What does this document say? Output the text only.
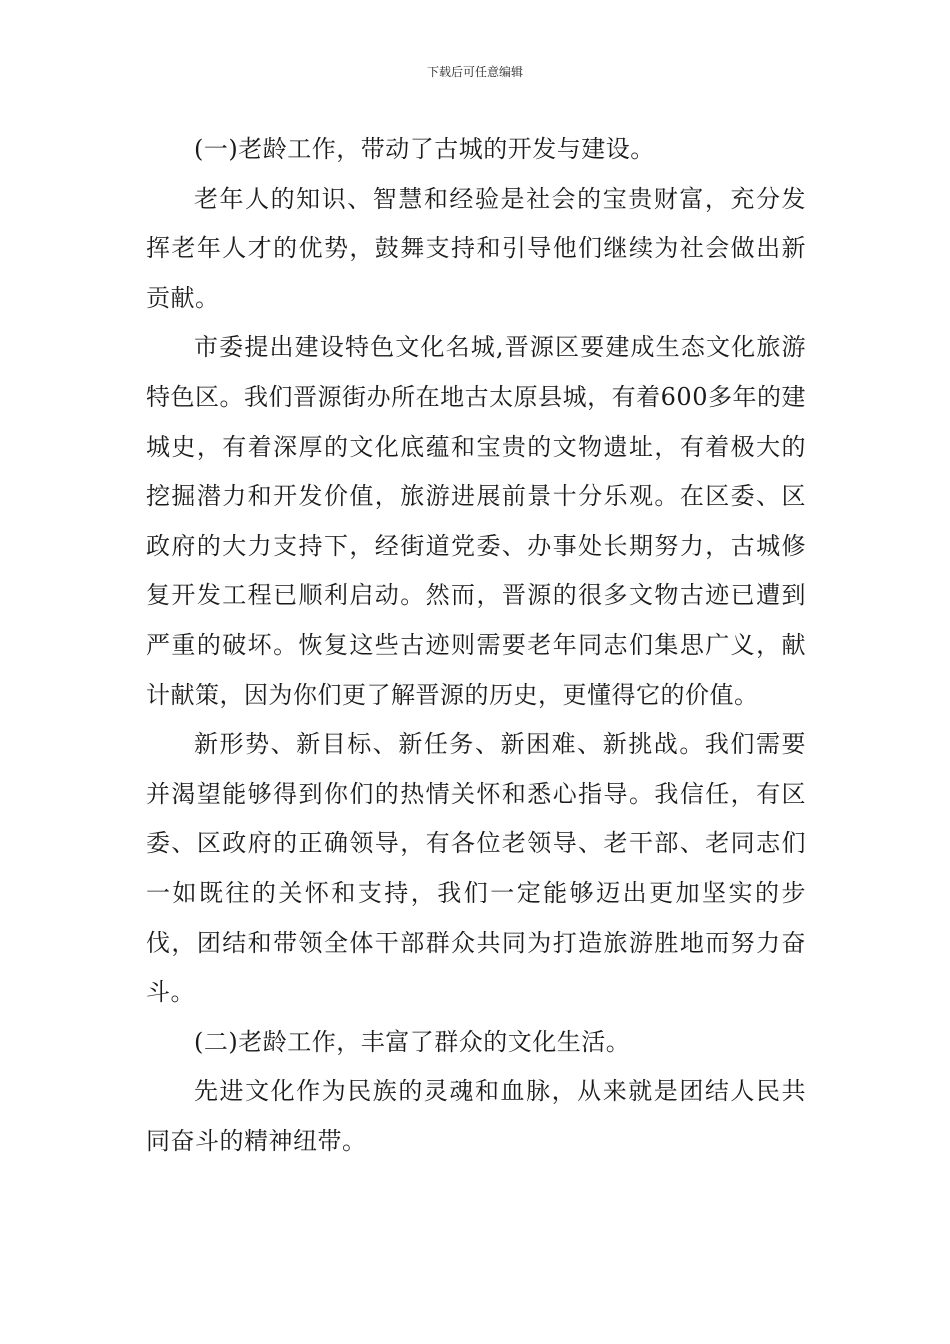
下载后可任意编辑

(一)老龄工作，带动了古城的开发与建设。

老年人的知识、智慧和经验是社会的宝贵财富，充分发挥老年人才的优势，鼓舞支持和引导他们继续为社会做出新贡献。

市委提出建设特色文化名城,晋源区要建成生态文化旅游特色区。我们晋源街办所在地古太原县城，有着600多年的建城史，有着深厚的文化底蕴和宝贵的文物遗址，有着极大的挖掘潜力和开发价值，旅游进展前景十分乐观。在区委、区政府的大力支持下，经街道党委、办事处长期努力，古城修复开发工程已顺利启动。然而，晋源的很多文物古迹已遭到严重的破坏。恢复这些古迹则需要老年同志们集思广义，献计献策，因为你们更了解晋源的历史，更懂得它的价值。

新形势、新目标、新任务、新困难、新挑战。我们需要并渴望能够得到你们的热情关怀和悉心指导。我信任，有区委、区政府的正确领导，有各位老领导、老干部、老同志们一如既往的关怀和支持，我们一定能够迈出更加坚实的步伐，团结和带领全体干部群众共同为打造旅游胜地而努力奋斗。

(二)老龄工作，丰富了群众的文化生活。

先进文化作为民族的灵魂和血脉，从来就是团结人民共同奋斗的精神纽带。
